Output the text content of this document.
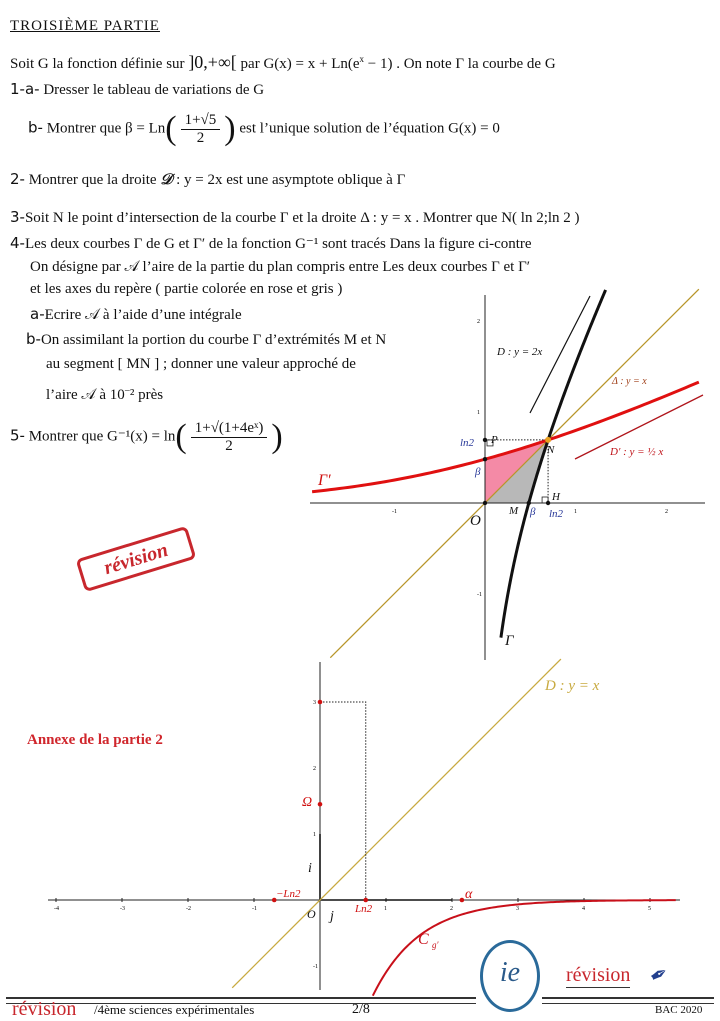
TROISIÈME PARTIE
Soit G la fonction définie sur ]0,+∞[ par $G(x) = x + Ln(e^x - 1)$ . On note Γ la courbe de G
1-a- Dresser le tableau de variations de G
b- Montrer que $\beta = Ln( \frac{1+√5}{2}$ ) est l’unique solution de l’équation G(x) = 0
2- Montrer que la droite 𝒟 : y = 2x est une asymptote oblique à Γ
3-Soit N le point d’intersection de la courbe Γ et la droite Δ : y = x . Montrer que N( ln 2;ln 2 )
4-Les deux courbes Γ de G et Γ′ de la fonction G⁻¹ sont tracés Dans la figure ci-contre
On désigne par 𝒜 l’aire de la partie du plan compris entre Les deux courbes Γ et Γ′
et les axes du repère ( partie colorée en rose et gris )
a-Ecrire 𝒜 à l’aide d’une intégrale
b-On assimilant la portion du courbe Γ d’extrémités M et N
au segment [ MN ] ; donner une valeur approché de
l’aire 𝒜 à 10⁻² près
5- Montrer que $G^{-1}(x) = \ln( \frac{\text{1+√(1+4eˣ)}}{2}$ )
-1	1	2
2
1
-1
D : y = 2x
Δ : y = x
D′ : y = ½ x
Γ′
Γ
O
M
N
P
H
ln2
ln2
β
β
-4	-3	-2	-1	1	2	3	4	5
3
2
1
-1
D : y = x
Ω
α
−Ln2
Ln2
O j⃗
i⃗
C g′
révision
Annexe de la partie 2
ie	révision ✒
révision /4ème sciences expérimentales	2/8	BAC 2020
